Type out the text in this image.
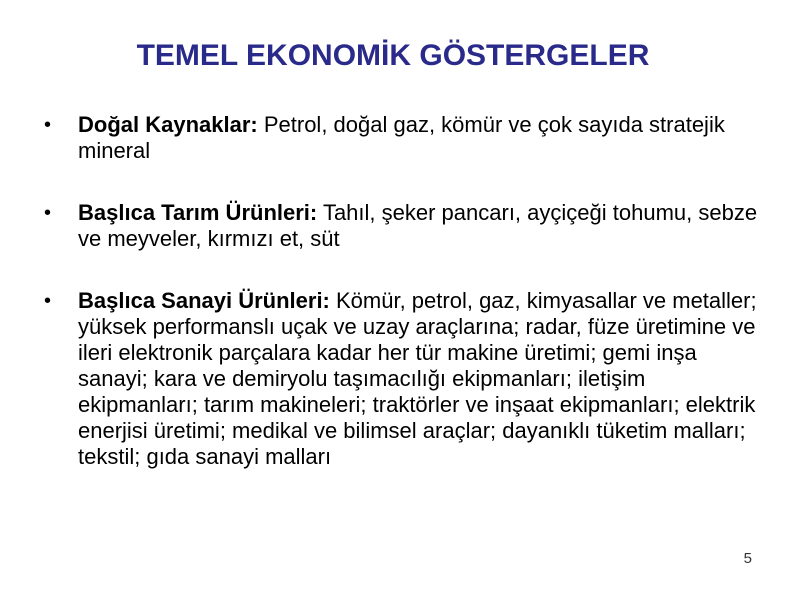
TEMEL EKONOMİK GÖSTERGELER
•	Doğal Kaynaklar: Petrol, doğal gaz, kömür ve çok sayıda stratejik mineral
•	Başlıca Tarım Ürünleri: Tahıl, şeker pancarı, ayçiçeği tohumu, sebze ve meyveler, kırmızı et, süt
•	Başlıca Sanayi Ürünleri: Kömür, petrol, gaz, kimyasallar ve metaller; yüksek performanslı uçak ve uzay araçlarına; radar, füze üretimine ve ileri elektronik parçalara kadar her tür makine üretimi; gemi inşa sanayi; kara ve demiryolu taşımacılığı ekipmanları; iletişim ekipmanları; tarım makineleri; traktörler ve inşaat ekipmanları; elektrik enerjisi üretimi; medikal ve bilimsel araçlar; dayanıklı tüketim malları; tekstil; gıda sanayi malları
5
